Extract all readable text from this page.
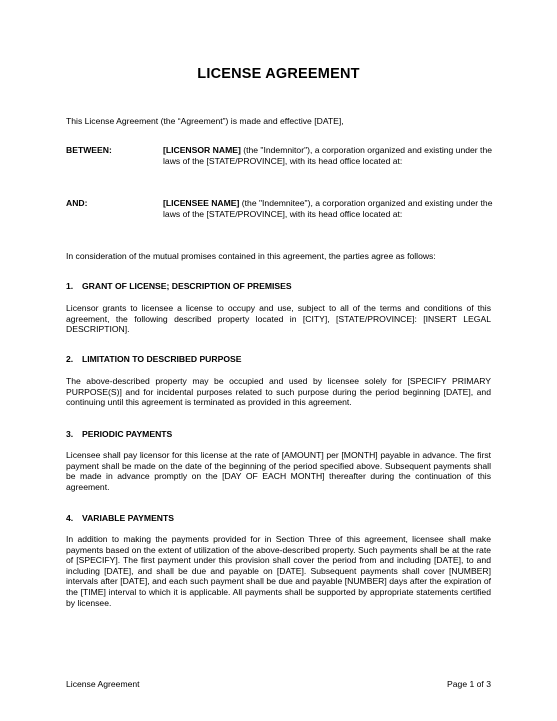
LICENSE AGREEMENT
This License Agreement (the “Agreement”) is made and effective [DATE],
BETWEEN:	[LICENSOR NAME] (the "Indemnitor"), a corporation organized and existing under the laws of the [STATE/PROVINCE], with its head office located at:
AND:	[LICENSEE NAME] (the "Indemnitee"), a corporation organized and existing under the laws of the [STATE/PROVINCE], with its head office located at:
In consideration of the mutual promises contained in this agreement, the parties agree as follows:
1. GRANT OF LICENSE; DESCRIPTION OF PREMISES
Licensor grants to licensee a license to occupy and use, subject to all of the terms and conditions of this agreement, the following described property located in [CITY], [STATE/PROVINCE]: [INSERT LEGAL DESCRIPTION].
2. LIMITATION TO DESCRIBED PURPOSE
The above-described property may be occupied and used by licensee solely for [SPECIFY PRIMARY PURPOSE(S)] and for incidental purposes related to such purpose during the period beginning [DATE], and continuing until this agreement is terminated as provided in this agreement.
3. PERIODIC PAYMENTS
Licensee shall pay licensor for this license at the rate of [AMOUNT] per [MONTH] payable in advance. The first payment shall be made on the date of the beginning of the period specified above. Subsequent payments shall be made in advance promptly on the [DAY OF EACH MONTH] thereafter during the continuation of this agreement.
4. VARIABLE PAYMENTS
In addition to making the payments provided for in Section Three of this agreement, licensee shall make payments based on the extent of utilization of the above-described property. Such payments shall be at the rate of [SPECIFY]. The first payment under this provision shall cover the period from and including [DATE], to and including [DATE], and shall be due and payable on [DATE]. Subsequent payments shall cover [NUMBER] intervals after [DATE], and each such payment shall be due and payable [NUMBER] days after the expiration of the [TIME] interval to which it is applicable. All payments shall be supported by appropriate statements certified by licensee.
License Agreement	Page 1 of 3
